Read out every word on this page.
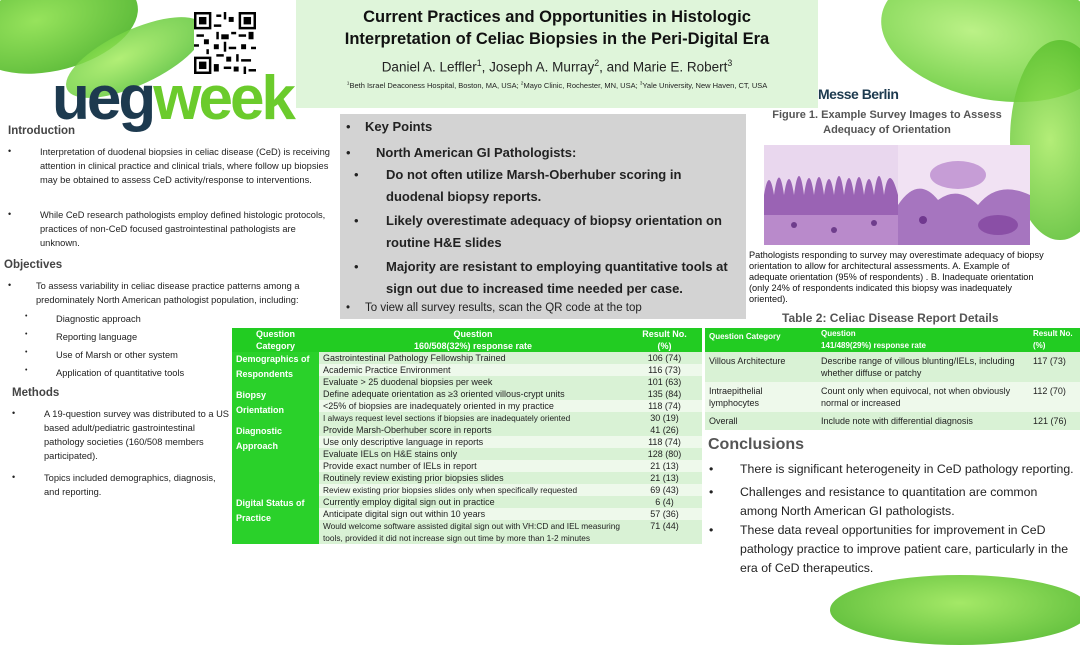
uegweek	Messe Berlin
Current Practices and Opportunities in Histologic
Interpretation of Celiac Biopsies in the Peri-Digital Era
Daniel A. Leffler$^1$, Joseph A. Murray$^2$, and Marie E. Robert$^3$
$^1$Beth Israel Deaconess Hospital, Boston, MA, USA; $^2$Mayo Clinic, Rochester, MN, USA; $^3$Yale University, New Haven, CT, USA
Introduction
•	Interpretation of duodenal biopsies in celiac disease (CeD) is receiving attention in clinical practice and clinical trials, where follow up biopsies may be obtained to assess CeD activity/response to interventions.
•	While CeD research pathologists employ defined histologic protocols, practices of non-CeD focused gastrointestinal pathologists are unknown.
Objectives
•	To assess variability in celiac disease practice patterns among a predominately North American pathologist population, including:
•	Diagnostic approach
•	Reporting language
•	Use of Marsh or other system
•	Application of quantitative tools
Methods
•	A 19-question survey was distributed to a US based adult/pediatric gastrointestinal pathology societies (160/508 members participated).
•	Topics included demographics, diagnosis, and reporting.
• Key Points
• North American GI Pathologists:
• Do not often utilize Marsh-Oberhuber scoring in duodenal biopsy reports.
• Likely overestimate adequacy of biopsy orientation on routine H&E slides
• Majority are resistant to employing quantitative tools at sign out due to increased time needed per case.
• To view all survey results, scan the QR code at the top
Figure 1. Example Survey Images to Assess Adequacy of Orientation
Pathologists responding to survey may overestimate adequacy of biopsy orientation to allow for architectural assessments. A. Example of adequate orientation (95% of respondents) . B. Inadequate orientation (only 24% of respondents indicated this biopsy was inadequately oriented).
Question
Category	Question
160/508(32%) response rate	Result No.
(%)
Demographics of Respondents	Gastrointestinal Pathology Fellowship Trained	106 (74)
	Academic Practice Environment	116 (73)
	Evaluate > 25 duodenal biopsies per week	101 (63)
Biopsy Orientation	Define adequate orientation as ≥3 oriented villous-crypt units	135 (84)
	<25% of biopsies are inadequately oriented in my practice	118 (74)
	I always request level sections if biopsies are inadequately oriented	30 (19)
Diagnostic Approach	Provide Marsh-Oberhuber score in reports	41 (26)
	Use only descriptive language in reports	118 (74)
	Evaluate IELs on H&E stains only	128 (80)
	Provide exact number of IELs in report	21 (13)
	Routinely review existing prior biopsies slides	21 (13)
	Review existing prior biopsies slides only when specifically requested	69 (43)
Digital Status of Practice	Currently employ digital sign out in practice	6 (4)
	Anticipate digital sign out within 10 years	57 (36)
	Would welcome software assisted digital sign out with VH:CD and IEL measuring tools, provided it did not increase sign out time by more than 1-2 minutes	71 (44)
Table 2: Celiac Disease Report Details
Question Category	Question
141/489(29%) response rate	Result No.
(%)
Villous Architecture	Describe range of villous blunting/IELs, including whether diffuse or patchy	117 (73)
Intraepithelial lymphocytes	Count only when equivocal, not when obviously normal or increased	112 (70)
Overall	Include note with differential diagnosis	121 (76)
Conclusions
• There is significant heterogeneity in CeD pathology reporting.
• Challenges and resistance to quantitation are common among North American GI pathologists.
• These data reveal opportunities for improvement in CeD pathology practice to improve patient care, particularly in the era of CeD therapeutics.
